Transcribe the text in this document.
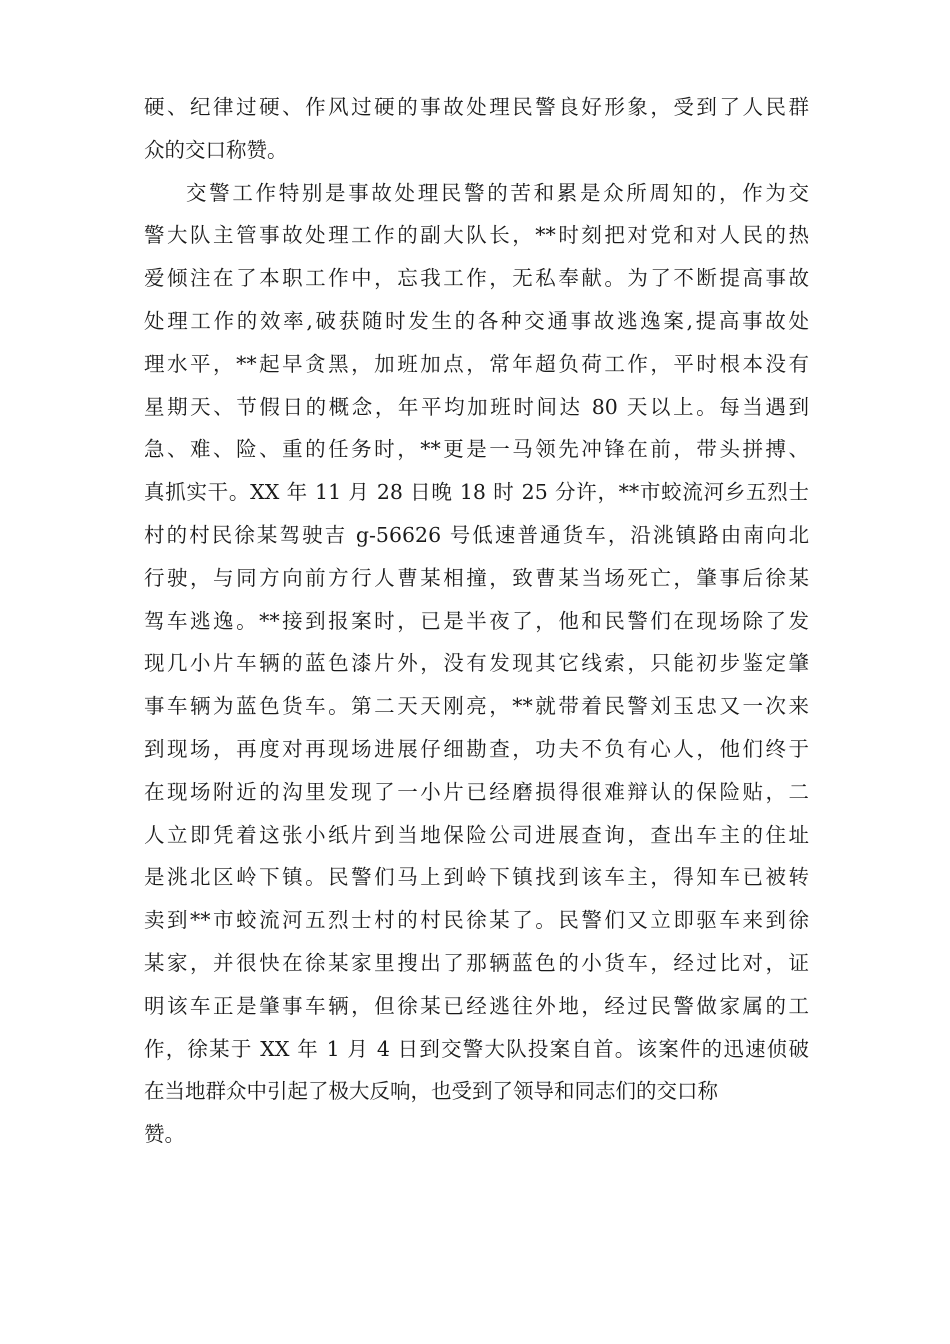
硬、纪律过硬、作风过硬的事故处理民警良好形象，受到了人民群
众的交口称赞。
交警工作特别是事故处理民警的苦和累是众所周知的，作为交
警大队主管事故处理工作的副大队长，**时刻把对党和对人民的热
爱倾注在了本职工作中，忘我工作，无私奉献。为了不断提高事故
处理工作的效率,破获随时发生的各种交通事故逃逸案,提高事故处
理水平，**起早贪黑，加班加点，常年超负荷工作，平时根本没有
星期天、节假日的概念，年平均加班时间达 80 天以上。每当遇到
急、难、险、重的任务时，**更是一马领先冲锋在前，带头拼搏、
真抓实干。XX 年 11 月 28 日晚 18 时 25 分许，**市蛟流河乡五烈士
村的村民徐某驾驶吉 g-56626 号低速普通货车，沿洮镇路由南向北
行驶，与同方向前方行人曹某相撞，致曹某当场死亡，肇事后徐某
驾车逃逸。**接到报案时，已是半夜了，他和民警们在现场除了发
现几小片车辆的蓝色漆片外，没有发现其它线索，只能初步鉴定肇
事车辆为蓝色货车。第二天天刚亮，**就带着民警刘玉忠又一次来
到现场，再度对再现场进展仔细勘查，功夫不负有心人，他们终于
在现场附近的沟里发现了一小片已经磨损得很难辩认的保险贴，二
人立即凭着这张小纸片到当地保险公司进展查询，查出车主的住址
是洮北区岭下镇。民警们马上到岭下镇找到该车主，得知车已被转
卖到**市蛟流河五烈士村的村民徐某了。民警们又立即驱车来到徐
某家，并很快在徐某家里搜出了那辆蓝色的小货车，经过比对，证
明该车正是肇事车辆，但徐某已经逃往外地，经过民警做家属的工
作，徐某于 XX 年 1 月 4 日到交警大队投案自首。该案件的迅速侦破
在当地群众中引起了极大反响，也受到了领导和同志们的交口称
赞。
